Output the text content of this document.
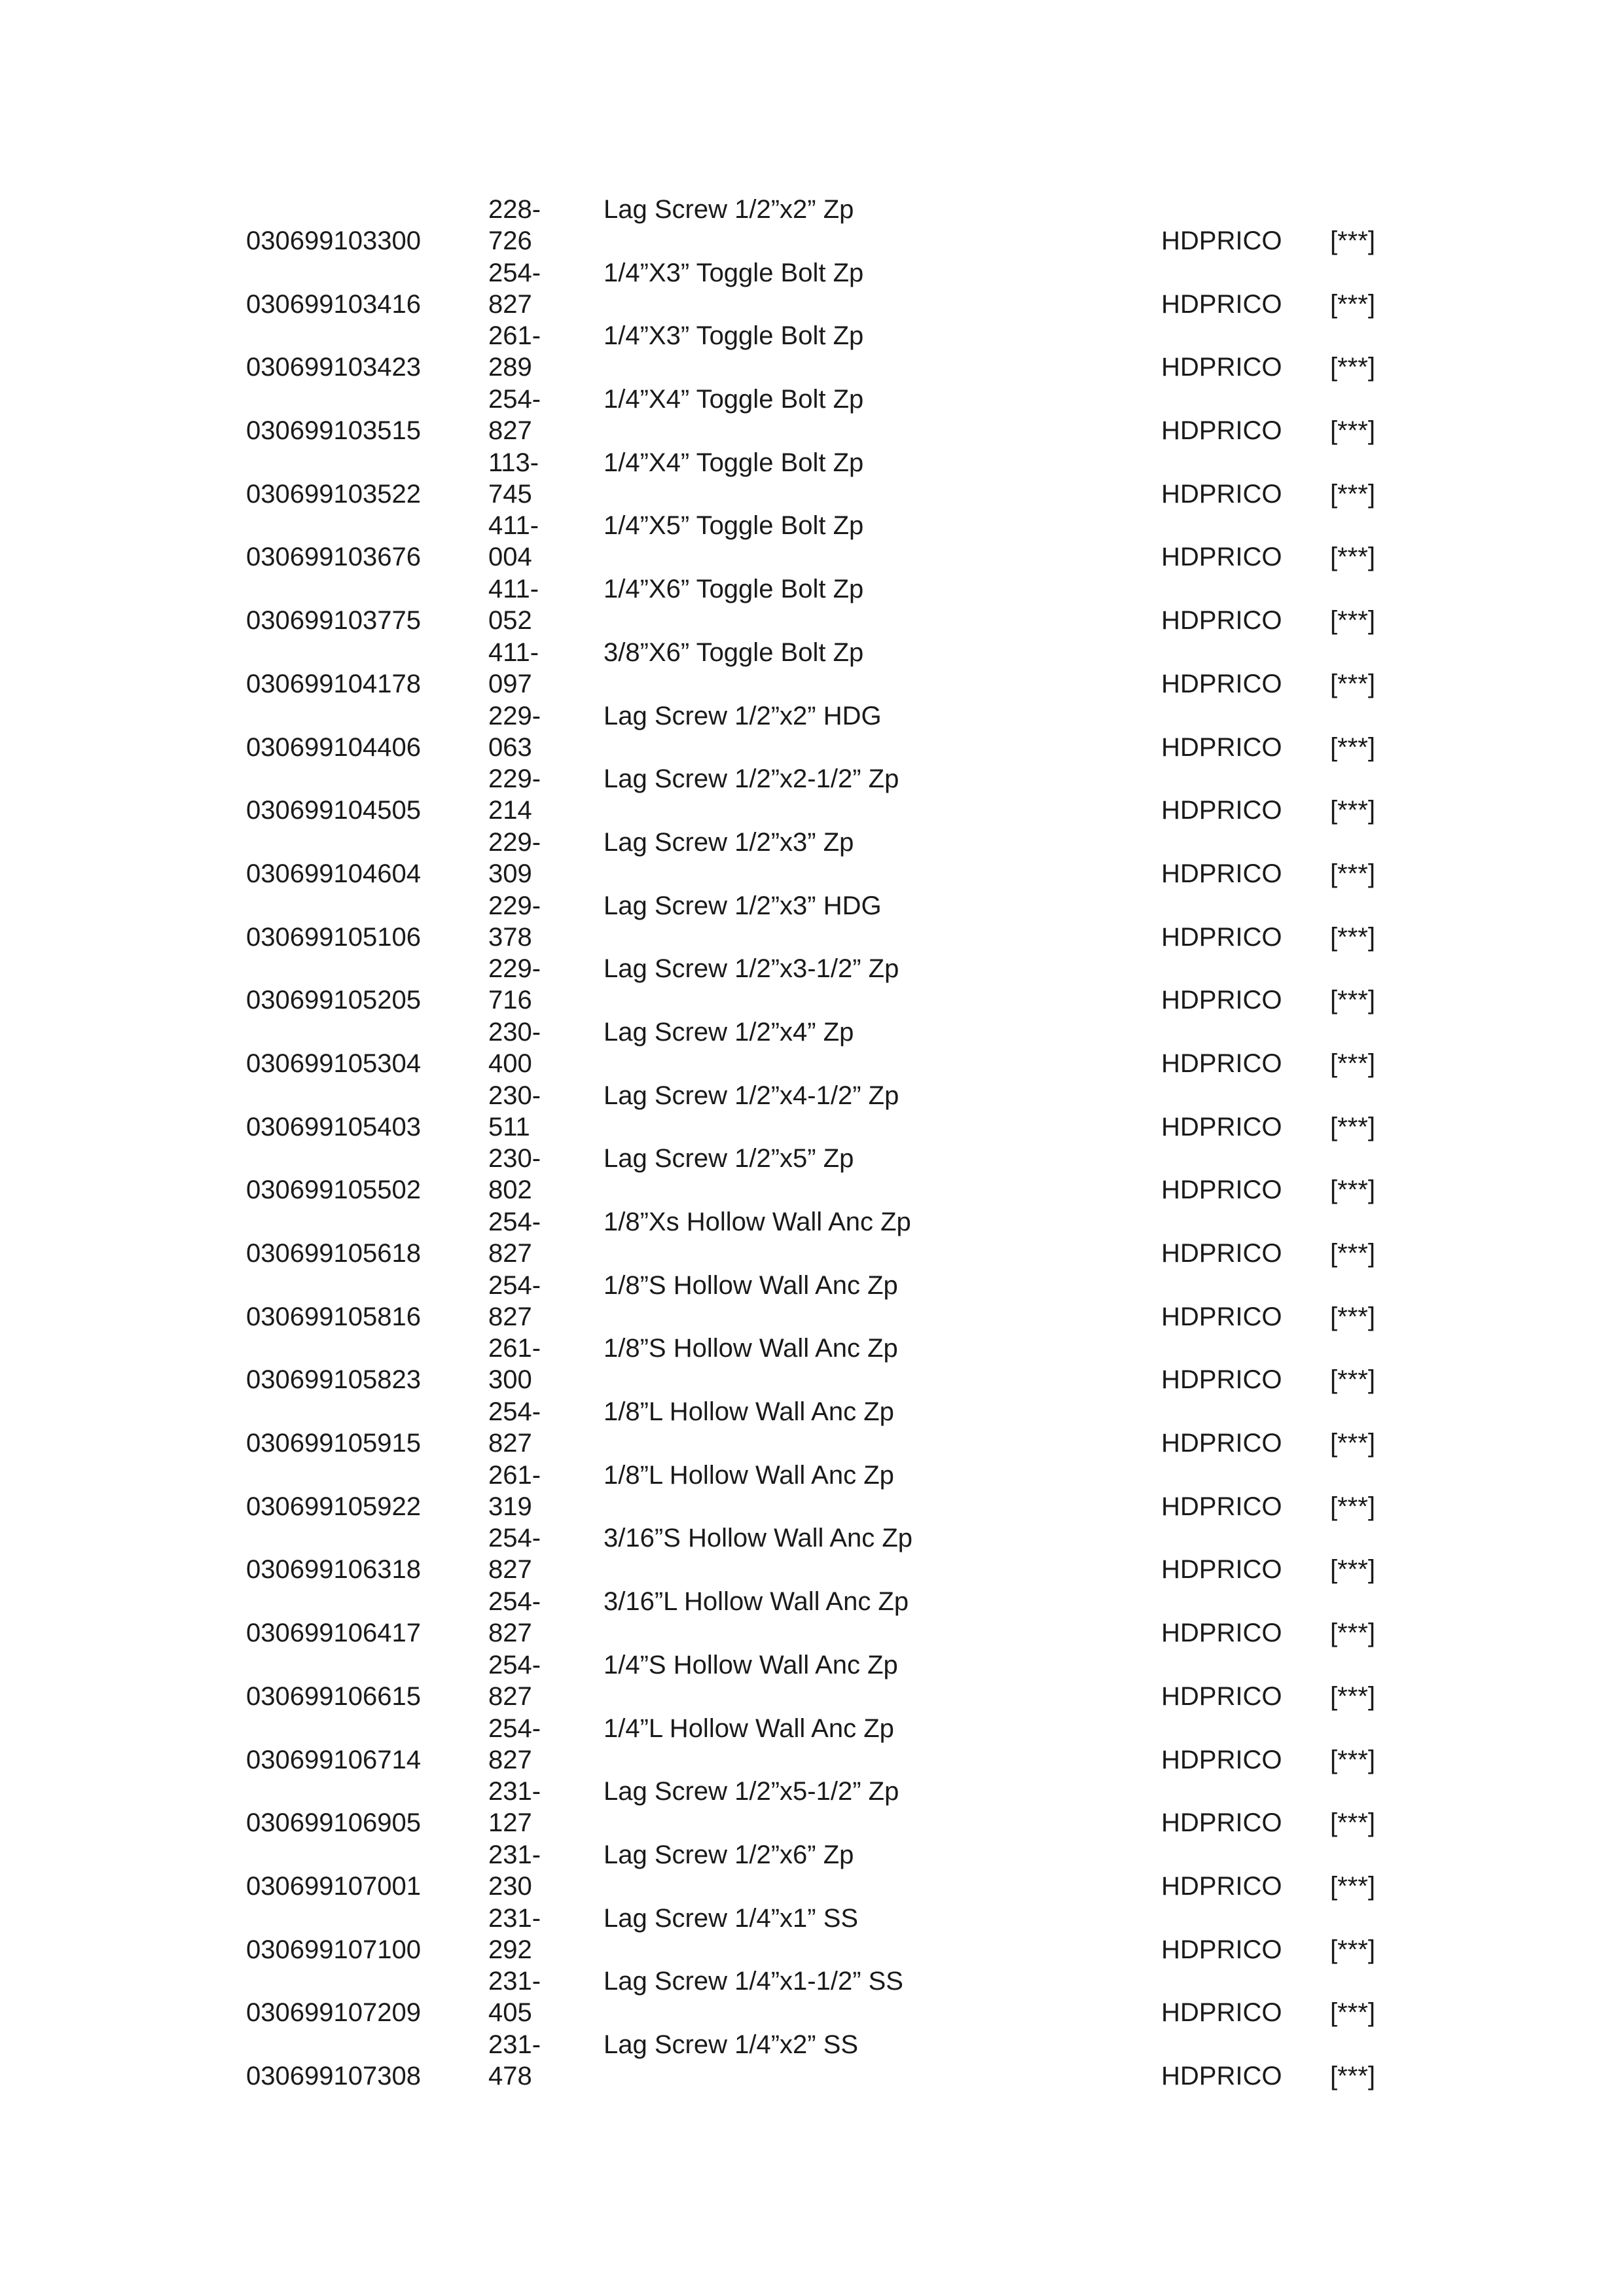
030699103300
228-
726
Lag Screw 1/2”x2” Zp
HDPRICO [***]
030699103416
254-
827
1/4”X3” Toggle Bolt Zp
HDPRICO [***]
030699103423
261-
289
1/4”X3” Toggle Bolt Zp
HDPRICO [***]
030699103515
254-
827
1/4”X4” Toggle Bolt Zp
HDPRICO [***]
030699103522
113-
745
1/4”X4” Toggle Bolt Zp
HDPRICO [***]
030699103676
411-
004
1/4”X5” Toggle Bolt Zp
HDPRICO [***]
030699103775
411-
052
1/4”X6” Toggle Bolt Zp
HDPRICO [***]
030699104178
411-
097
3/8”X6” Toggle Bolt Zp
HDPRICO [***]
030699104406
229-
063
Lag Screw 1/2”x2” HDG
HDPRICO [***]
030699104505
229-
214
Lag Screw 1/2”x2-1/2” Zp
HDPRICO [***]
030699104604
229-
309
Lag Screw 1/2”x3” Zp
HDPRICO [***]
030699105106
229-
378
Lag Screw 1/2”x3” HDG
HDPRICO [***]
030699105205
229-
716
Lag Screw 1/2”x3-1/2” Zp
HDPRICO [***]
030699105304
230-
400
Lag Screw 1/2”x4” Zp
HDPRICO [***]
030699105403
230-
511
Lag Screw 1/2”x4-1/2” Zp
HDPRICO [***]
030699105502
230-
802
Lag Screw 1/2”x5” Zp
HDPRICO [***]
030699105618
254-
827
1/8”Xs Hollow Wall Anc Zp
HDPRICO [***]
030699105816
254-
827
1/8”S Hollow Wall Anc Zp
HDPRICO [***]
030699105823
261-
300
1/8”S Hollow Wall Anc Zp
HDPRICO [***]
030699105915
254-
827
1/8”L Hollow Wall Anc Zp
HDPRICO [***]
030699105922
261-
319
1/8”L Hollow Wall Anc Zp
HDPRICO [***]
030699106318
254-
827
3/16”S Hollow Wall Anc Zp
HDPRICO [***]
030699106417
254-
827
3/16”L Hollow Wall Anc Zp
HDPRICO [***]
030699106615
254-
827
1/4”S Hollow Wall Anc Zp
HDPRICO [***]
030699106714
254-
827
1/4”L Hollow Wall Anc Zp
HDPRICO [***]
030699106905
231-
127
Lag Screw 1/2”x5-1/2” Zp
HDPRICO [***]
030699107001
231-
230
Lag Screw 1/2”x6” Zp
HDPRICO [***]
030699107100
231-
292
Lag Screw 1/4”x1” SS
HDPRICO [***]
030699107209
231-
405
Lag Screw 1/4”x1-1/2” SS
HDPRICO [***]
030699107308
231-
478
Lag Screw 1/4”x2” SS
HDPRICO [***]
